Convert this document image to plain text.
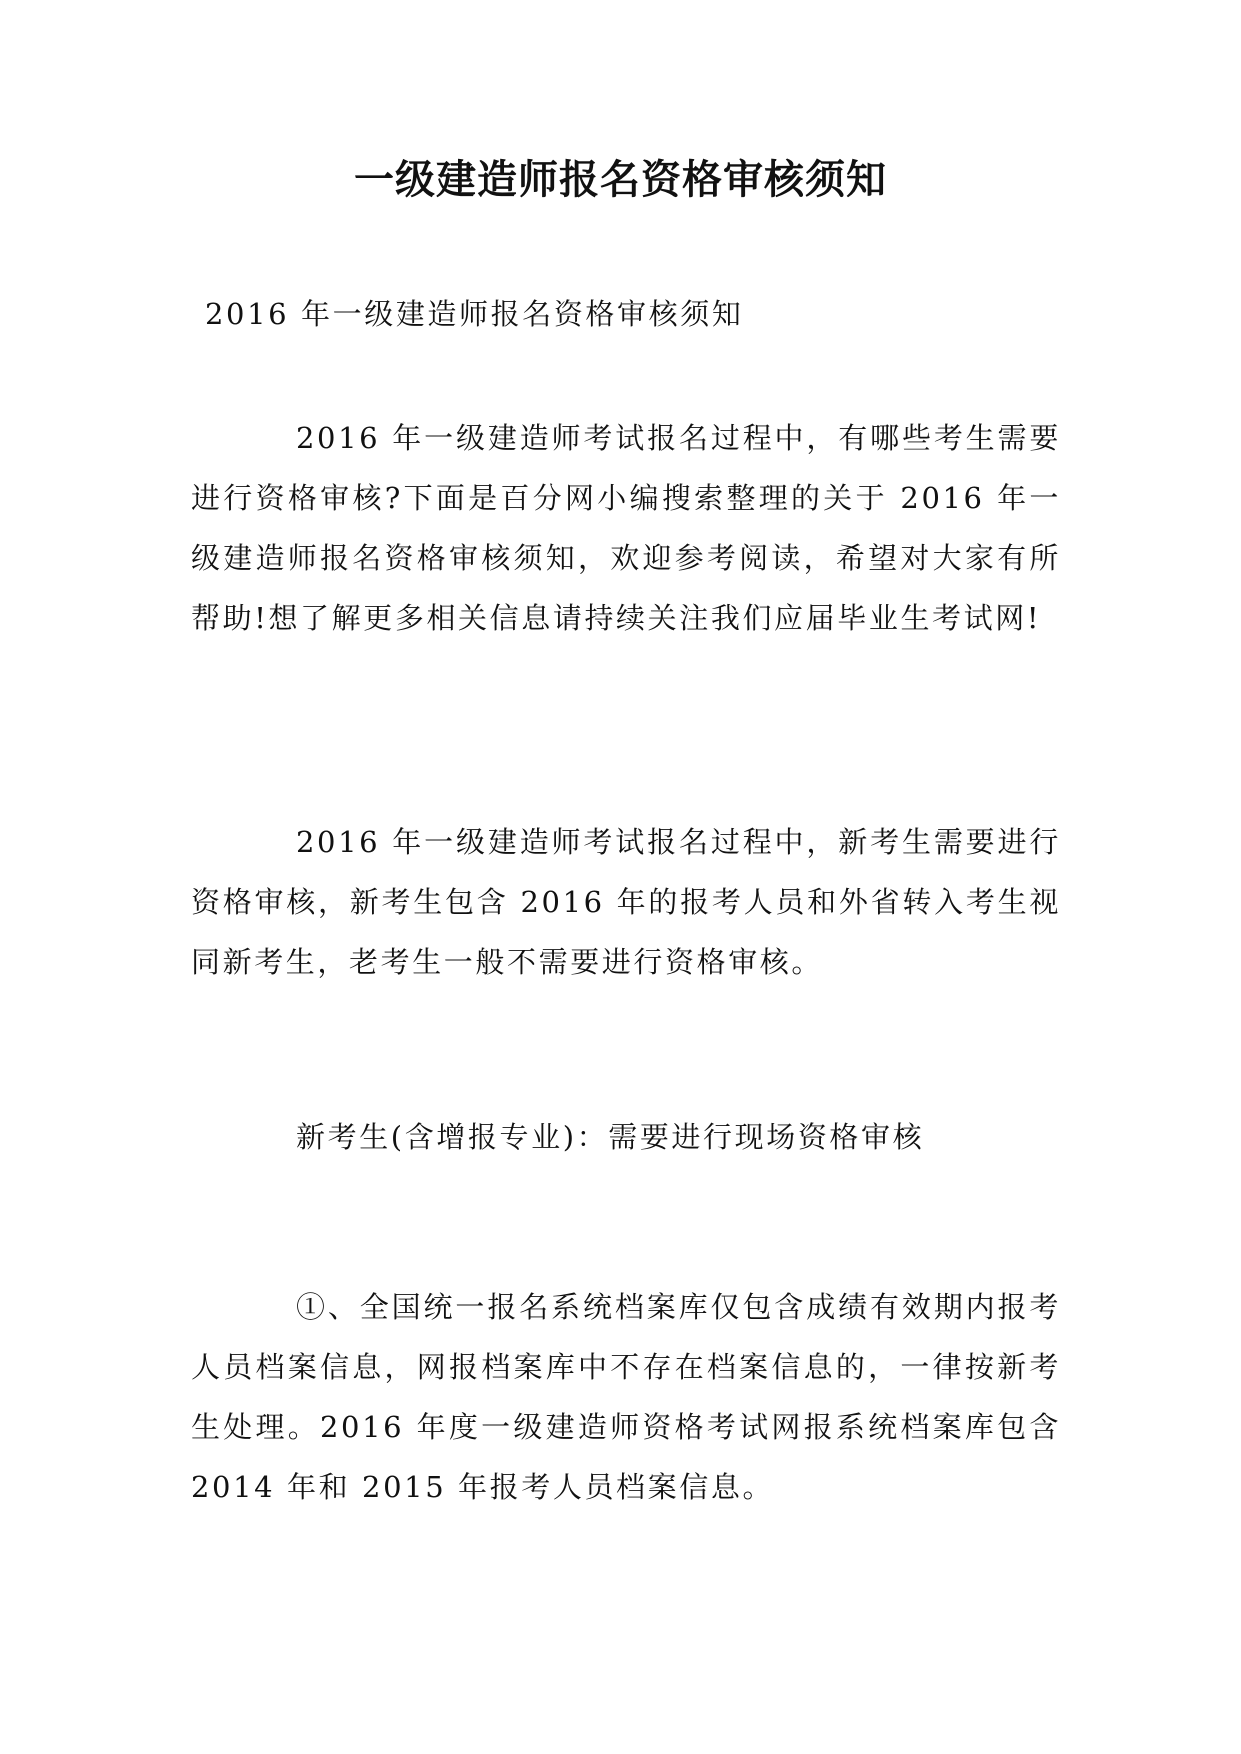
一级建造师报名资格审核须知

2016 年一级建造师报名资格审核须知

2016 年一级建造师考试报名过程中，有哪些考生需要进行资格审核?下面是百分网小编搜索整理的关于 2016 年一级建造师报名资格审核须知，欢迎参考阅读，希望对大家有所帮助!想了解更多相关信息请持续关注我们应届毕业生考试网!

2016 年一级建造师考试报名过程中，新考生需要进行资格审核，新考生包含 2016 年的报考人员和外省转入考生视同新考生，老考生一般不需要进行资格审核。

新考生(含增报专业)：需要进行现场资格审核

①、全国统一报名系统档案库仅包含成绩有效期内报考人员档案信息，网报档案库中不存在档案信息的，一律按新考生处理。2016 年度一级建造师资格考试网报系统档案库包含 2014 年和 2015 年报考人员档案信息。
